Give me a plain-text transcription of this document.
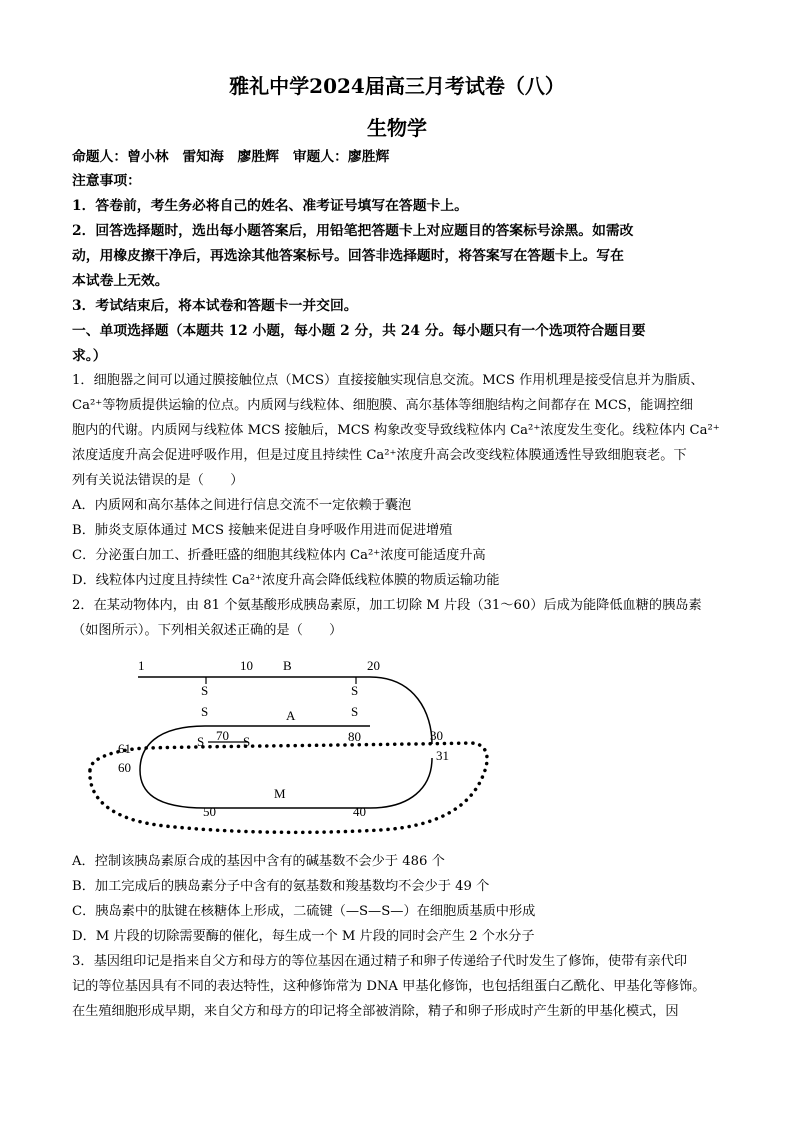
雅礼中学2024届高三月考试卷（八）
生物学
命题人：曾小林　雷知海　廖胜辉　审题人：廖胜辉
注意事项：
1．答卷前，考生务必将自己的姓名、准考证号填写在答题卡上。
2．回答选择题时，选出每小题答案后，用铅笔把答题卡上对应题目的答案标号涂黑。如需改
动，用橡皮擦干净后，再选涂其他答案标号。回答非选择题时，将答案写在答题卡上。写在
本试卷上无效。
3．考试结束后，将本试卷和答题卡一并交回。
一、单项选择题（本题共 12 小题，每小题 2 分，共 24 分。每小题只有一个选项符合题目要
求。）
1．细胞器之间可以通过膜接触位点（MCS）直接接触实现信息交流。MCS 作用机理是接受信息并为脂质、
Ca²⁺等物质提供运输的位点。内质网与线粒体、细胞膜、高尔基体等细胞结构之间都存在 MCS，能调控细
胞内的代谢。内质网与线粒体 MCS 接触后，MCS 构象改变导致线粒体内 Ca²⁺浓度发生变化。线粒体内 Ca²⁺
浓度适度升高会促进呼吸作用，但是过度且持续性 Ca²⁺浓度升高会改变线粒体膜通透性导致细胞衰老。下
列有关说法错误的是（　　）
A．内质网和高尔基体之间进行信息交流不一定依赖于囊泡
B．肺炎支原体通过 MCS 接触来促进自身呼吸作用进而促进增殖
C．分泌蛋白加工、折叠旺盛的细胞其线粒体内 Ca²⁺浓度可能适度升高
D．线粒体内过度且持续性 Ca²⁺浓度升高会降低线粒体膜的物质运输功能
2．在某动物体内，由 81 个氨基酸形成胰岛素原，加工切除 M 片段（31～60）后成为能降低血糖的胰岛素
（如图所示）。下列相关叙述正确的是（　　）
1	10 B	20
S
S
S
S
A
S 70 S	80	30
61
60
31
M
50	40
A．控制该胰岛素原合成的基因中含有的碱基数不会少于 486 个
B．加工完成后的胰岛素分子中含有的氨基数和羧基数均不会少于 49 个
C．胰岛素中的肽键在核糖体上形成，二硫键（—S—S—）在细胞质基质中形成
D．M 片段的切除需要酶的催化，每生成一个 M 片段的同时会产生 2 个水分子
3．基因组印记是指来自父方和母方的等位基因在通过精子和卵子传递给子代时发生了修饰，使带有亲代印
记的等位基因具有不同的表达特性，这种修饰常为 DNA 甲基化修饰，也包括组蛋白乙酰化、甲基化等修饰。
在生殖细胞形成早期，来自父方和母方的印记将全部被消除，精子和卵子形成时产生新的甲基化模式，因
